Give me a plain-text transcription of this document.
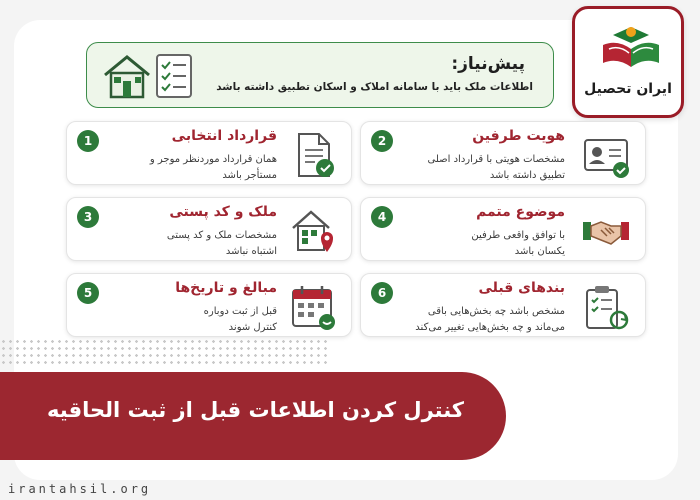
ایران تحصیل
پیش‌نیاز:
اطلاعات ملک باید با سامانه املاک و اسکان تطبیق داشته باشد
1	قرارداد انتخابی
همان قرارداد موردنظر موجر و
مستأجر باشد
2	هویت طرفین
مشخصات هویتی با قرارداد اصلی
تطبیق داشته باشد
3	ملک و کد پستی
مشخصات ملک و کد پستی
اشتباه نباشد
4	موضوع متمم
با توافق واقعی طرفین
یکسان باشد
5	مبالغ و تاریخ‌ها
قبل از ثبت دوباره
کنترل شوند
6	بندهای قبلی
مشخص باشد چه بخش‌هایی باقی
می‌ماند و چه بخش‌هایی تغییر می‌کند
کنترل کردن اطلاعات قبل از ثبت الحاقیه
irantahsil.org
